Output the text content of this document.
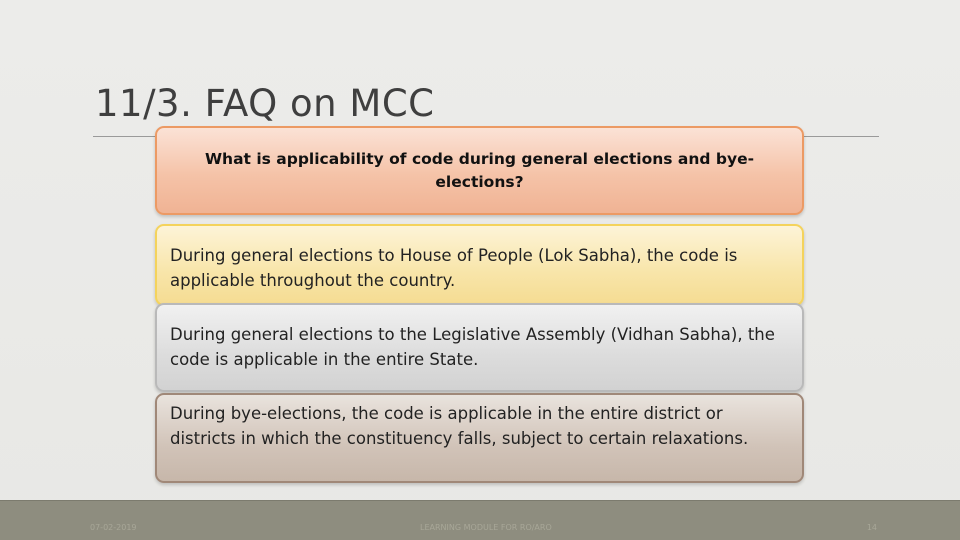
11/3. FAQ on MCC
What is applicability of code during general elections and bye-elections?
During general elections to House of People (Lok Sabha), the code is applicable throughout the country.
During general elections to the Legislative Assembly (Vidhan Sabha), the code is applicable in the entire State.
During bye-elections, the code is applicable in the entire district or districts in which the constituency falls, subject to certain relaxations.
07-02-2019	LEARNING MODULE FOR RO/ARO	14
